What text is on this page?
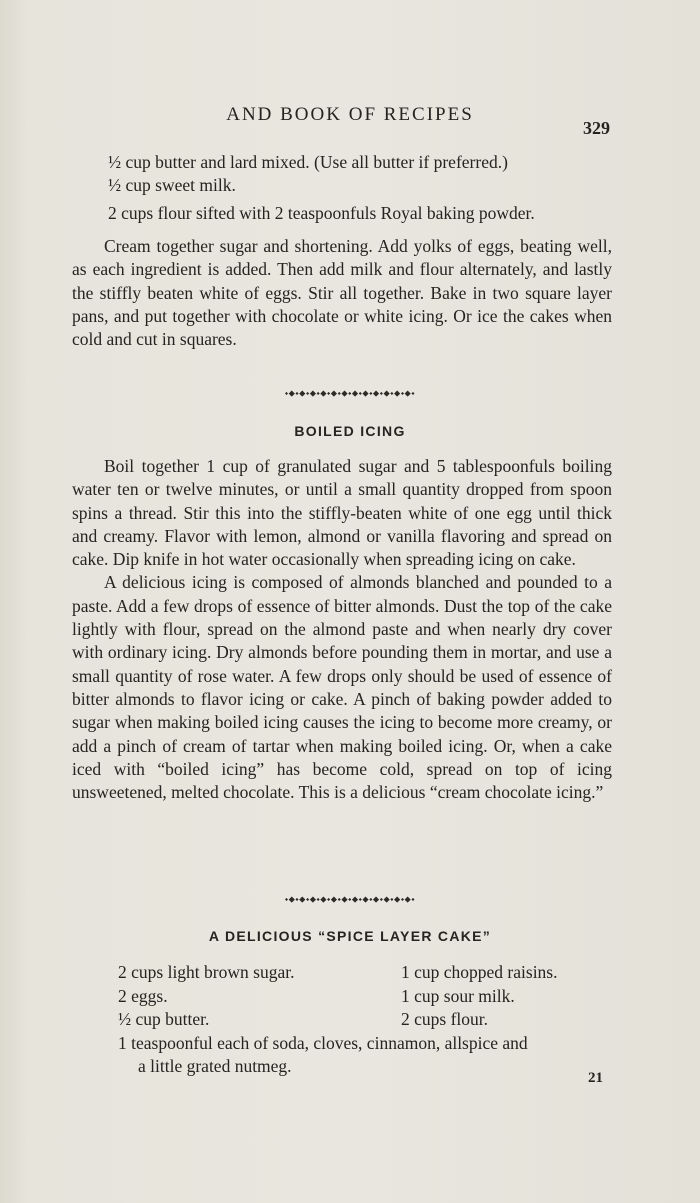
AND BOOK OF RECIPES
329
½ cup butter and lard mixed. (Use all butter if preferred.)
½ cup sweet milk.
2 cups flour sifted with 2 teaspoonfuls Royal baking powder.

Cream together sugar and shortening. Add yolks of eggs, beating well, as each ingredient is added. Then add milk and flour alternately, and lastly the stiffly beaten white of eggs. Stir all together. Bake in two square layer pans, and put together with chocolate or white icing. Or ice the cakes when cold and cut in squares.

⬩⬥⬩⬥⬩⬥⬩⬥⬩⬥⬩⬥⬩⬥⬩⬥⬩⬥⬩⬥⬩⬥⬩⬥⬩
BOILED ICING

Boil together 1 cup of granulated sugar and 5 tablespoonfuls boiling water ten or twelve minutes, or until a small quantity dropped from spoon spins a thread. Stir this into the stiffly-beaten white of one egg until thick and creamy. Flavor with lemon, almond or vanilla flavoring and spread on cake. Dip knife in hot water occasionally when spreading icing on cake.

A delicious icing is composed of almonds blanched and pounded to a paste. Add a few drops of essence of bitter almonds. Dust the top of the cake lightly with flour, spread on the almond paste and when nearly dry cover with ordinary icing. Dry almonds before pounding them in mortar, and use a small quantity of rose water. A few drops only should be used of essence of bitter almonds to flavor icing or cake. A pinch of baking powder added to sugar when making boiled icing causes the icing to become more creamy, or add a pinch of cream of tartar when making boiled icing. Or, when a cake iced with “boiled icing” has become cold, spread on top of icing unsweetened, melted chocolate. This is a delicious “cream chocolate icing.”

⬩⬥⬩⬥⬩⬥⬩⬥⬩⬥⬩⬥⬩⬥⬩⬥⬩⬥⬩⬥⬩⬥⬩⬥⬩
A DELICIOUS “SPICE LAYER CAKE”
2 cups light brown sugar.	1 cup chopped raisins.
2 eggs.	1 cup sour milk.
½ cup butter.	2 cups flour.
1 teaspoonful each of soda, cloves, cinnamon, allspice and
a little grated nutmeg.
21
